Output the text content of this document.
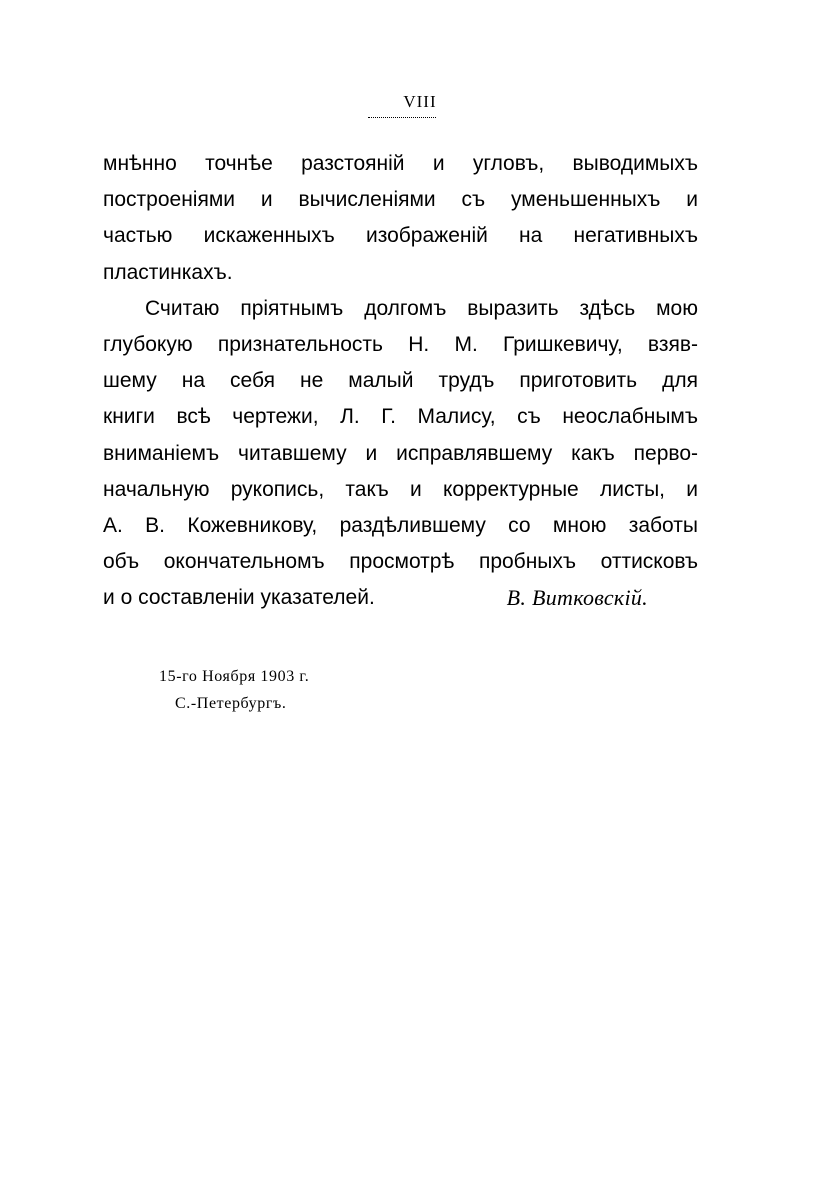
VIII
мнѣнно точнѣе разстояній и угловъ, выводимыхъ
построеніями и вычисленіями съ уменьшенныхъ и
частью искаженныхъ изображеній на негативныхъ
пластинкахъ.
Считаю пріятнымъ долгомъ выразить здѣсь мою
глубокую признательность Н. М. Гришкевичу, взяв-
шему на себя не малый трудъ приготовить для
книги всѣ чертежи, Л. Г. Малису, съ неослабнымъ
вниманіемъ читавшему и исправлявшему какъ перво-
начальную рукопись, такъ и корректурные листы, и
А. В. Кожевникову, раздѣлившему со мною заботы
объ окончательномъ просмотрѣ пробныхъ оттисковъ
и о составленіи указателей.	В. Витковскій.
15-го Ноября 1903 г.
С.-Петербургъ.
